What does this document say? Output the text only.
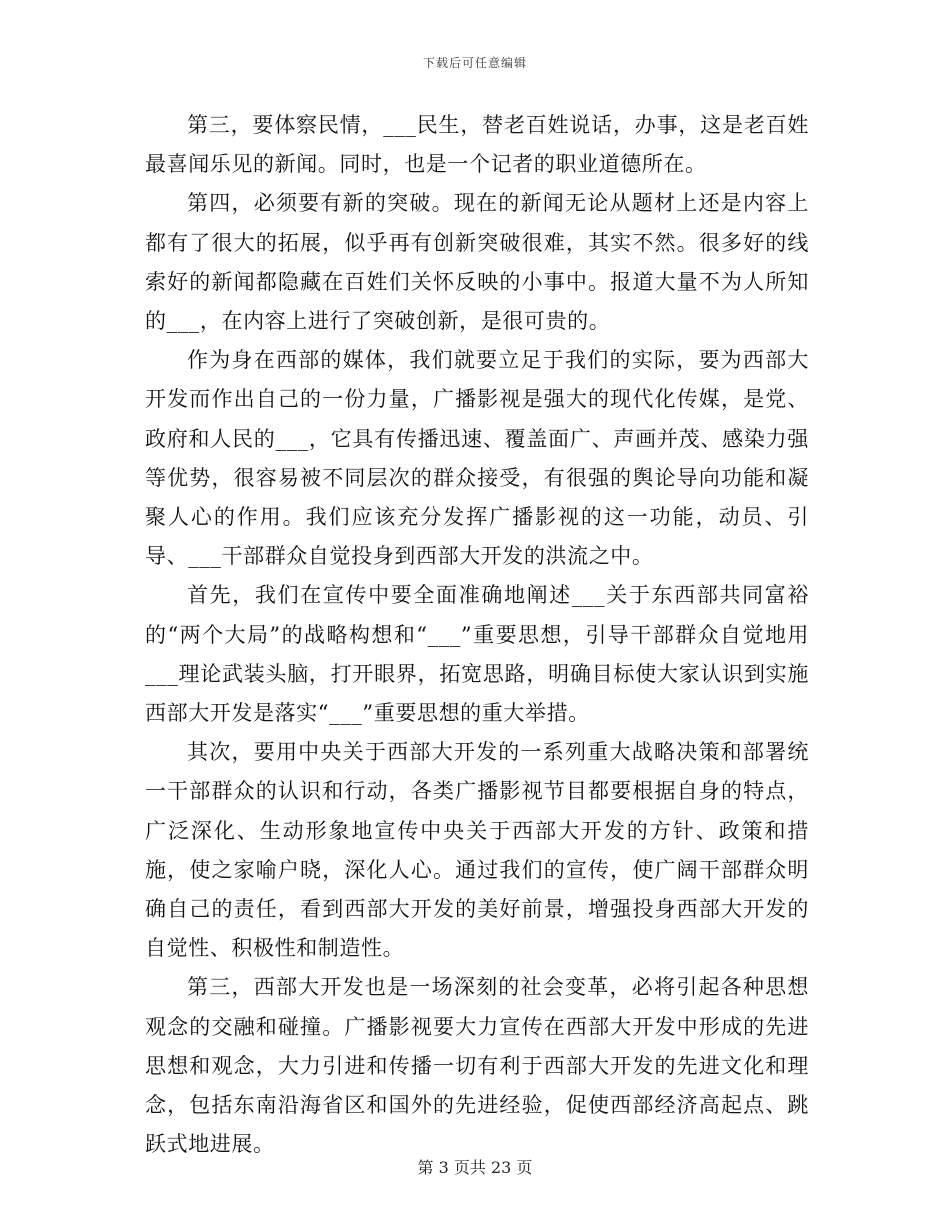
下载后可任意编辑

第三，要体察民情，___民生，替老百姓说话，办事，这是老百姓最喜闻乐见的新闻。同时，也是一个记者的职业道德所在。

第四，必须要有新的突破。现在的新闻无论从题材上还是内容上都有了很大的拓展，似乎再有创新突破很难，其实不然。很多好的线索好的新闻都隐藏在百姓们关怀反映的小事中。报道大量不为人所知的___，在内容上进行了突破创新，是很可贵的。

作为身在西部的媒体，我们就要立足于我们的实际，要为西部大开发而作出自己的一份力量，广播影视是强大的现代化传媒，是党、政府和人民的___，它具有传播迅速、覆盖面广、声画并茂、感染力强等优势，很容易被不同层次的群众接受，有很强的舆论导向功能和凝聚人心的作用。我们应该充分发挥广播影视的这一功能，动员、引导、___干部群众自觉投身到西部大开发的洪流之中。

首先，我们在宣传中要全面准确地阐述___关于东西部共同富裕的“两个大局”的战略构想和“___”重要思想，引导干部群众自觉地用___理论武装头脑，打开眼界，拓宽思路，明确目标使大家认识到实施西部大开发是落实“___”重要思想的重大举措。

其次，要用中央关于西部大开发的一系列重大战略决策和部署统一干部群众的认识和行动，各类广播影视节目都要根据自身的特点，广泛深化、生动形象地宣传中央关于西部大开发的方针、政策和措施，使之家喻户晓，深化人心。通过我们的宣传，使广阔干部群众明确自己的责任，看到西部大开发的美好前景，增强投身西部大开发的自觉性、积极性和制造性。

第三，西部大开发也是一场深刻的社会变革，必将引起各种思想观念的交融和碰撞。广播影视要大力宣传在西部大开发中形成的先进思想和观念，大力引进和传播一切有利于西部大开发的先进文化和理念，包括东南沿海省区和国外的先进经验，促使西部经济高起点、跳跃式地进展。

第 3 页共 23 页
